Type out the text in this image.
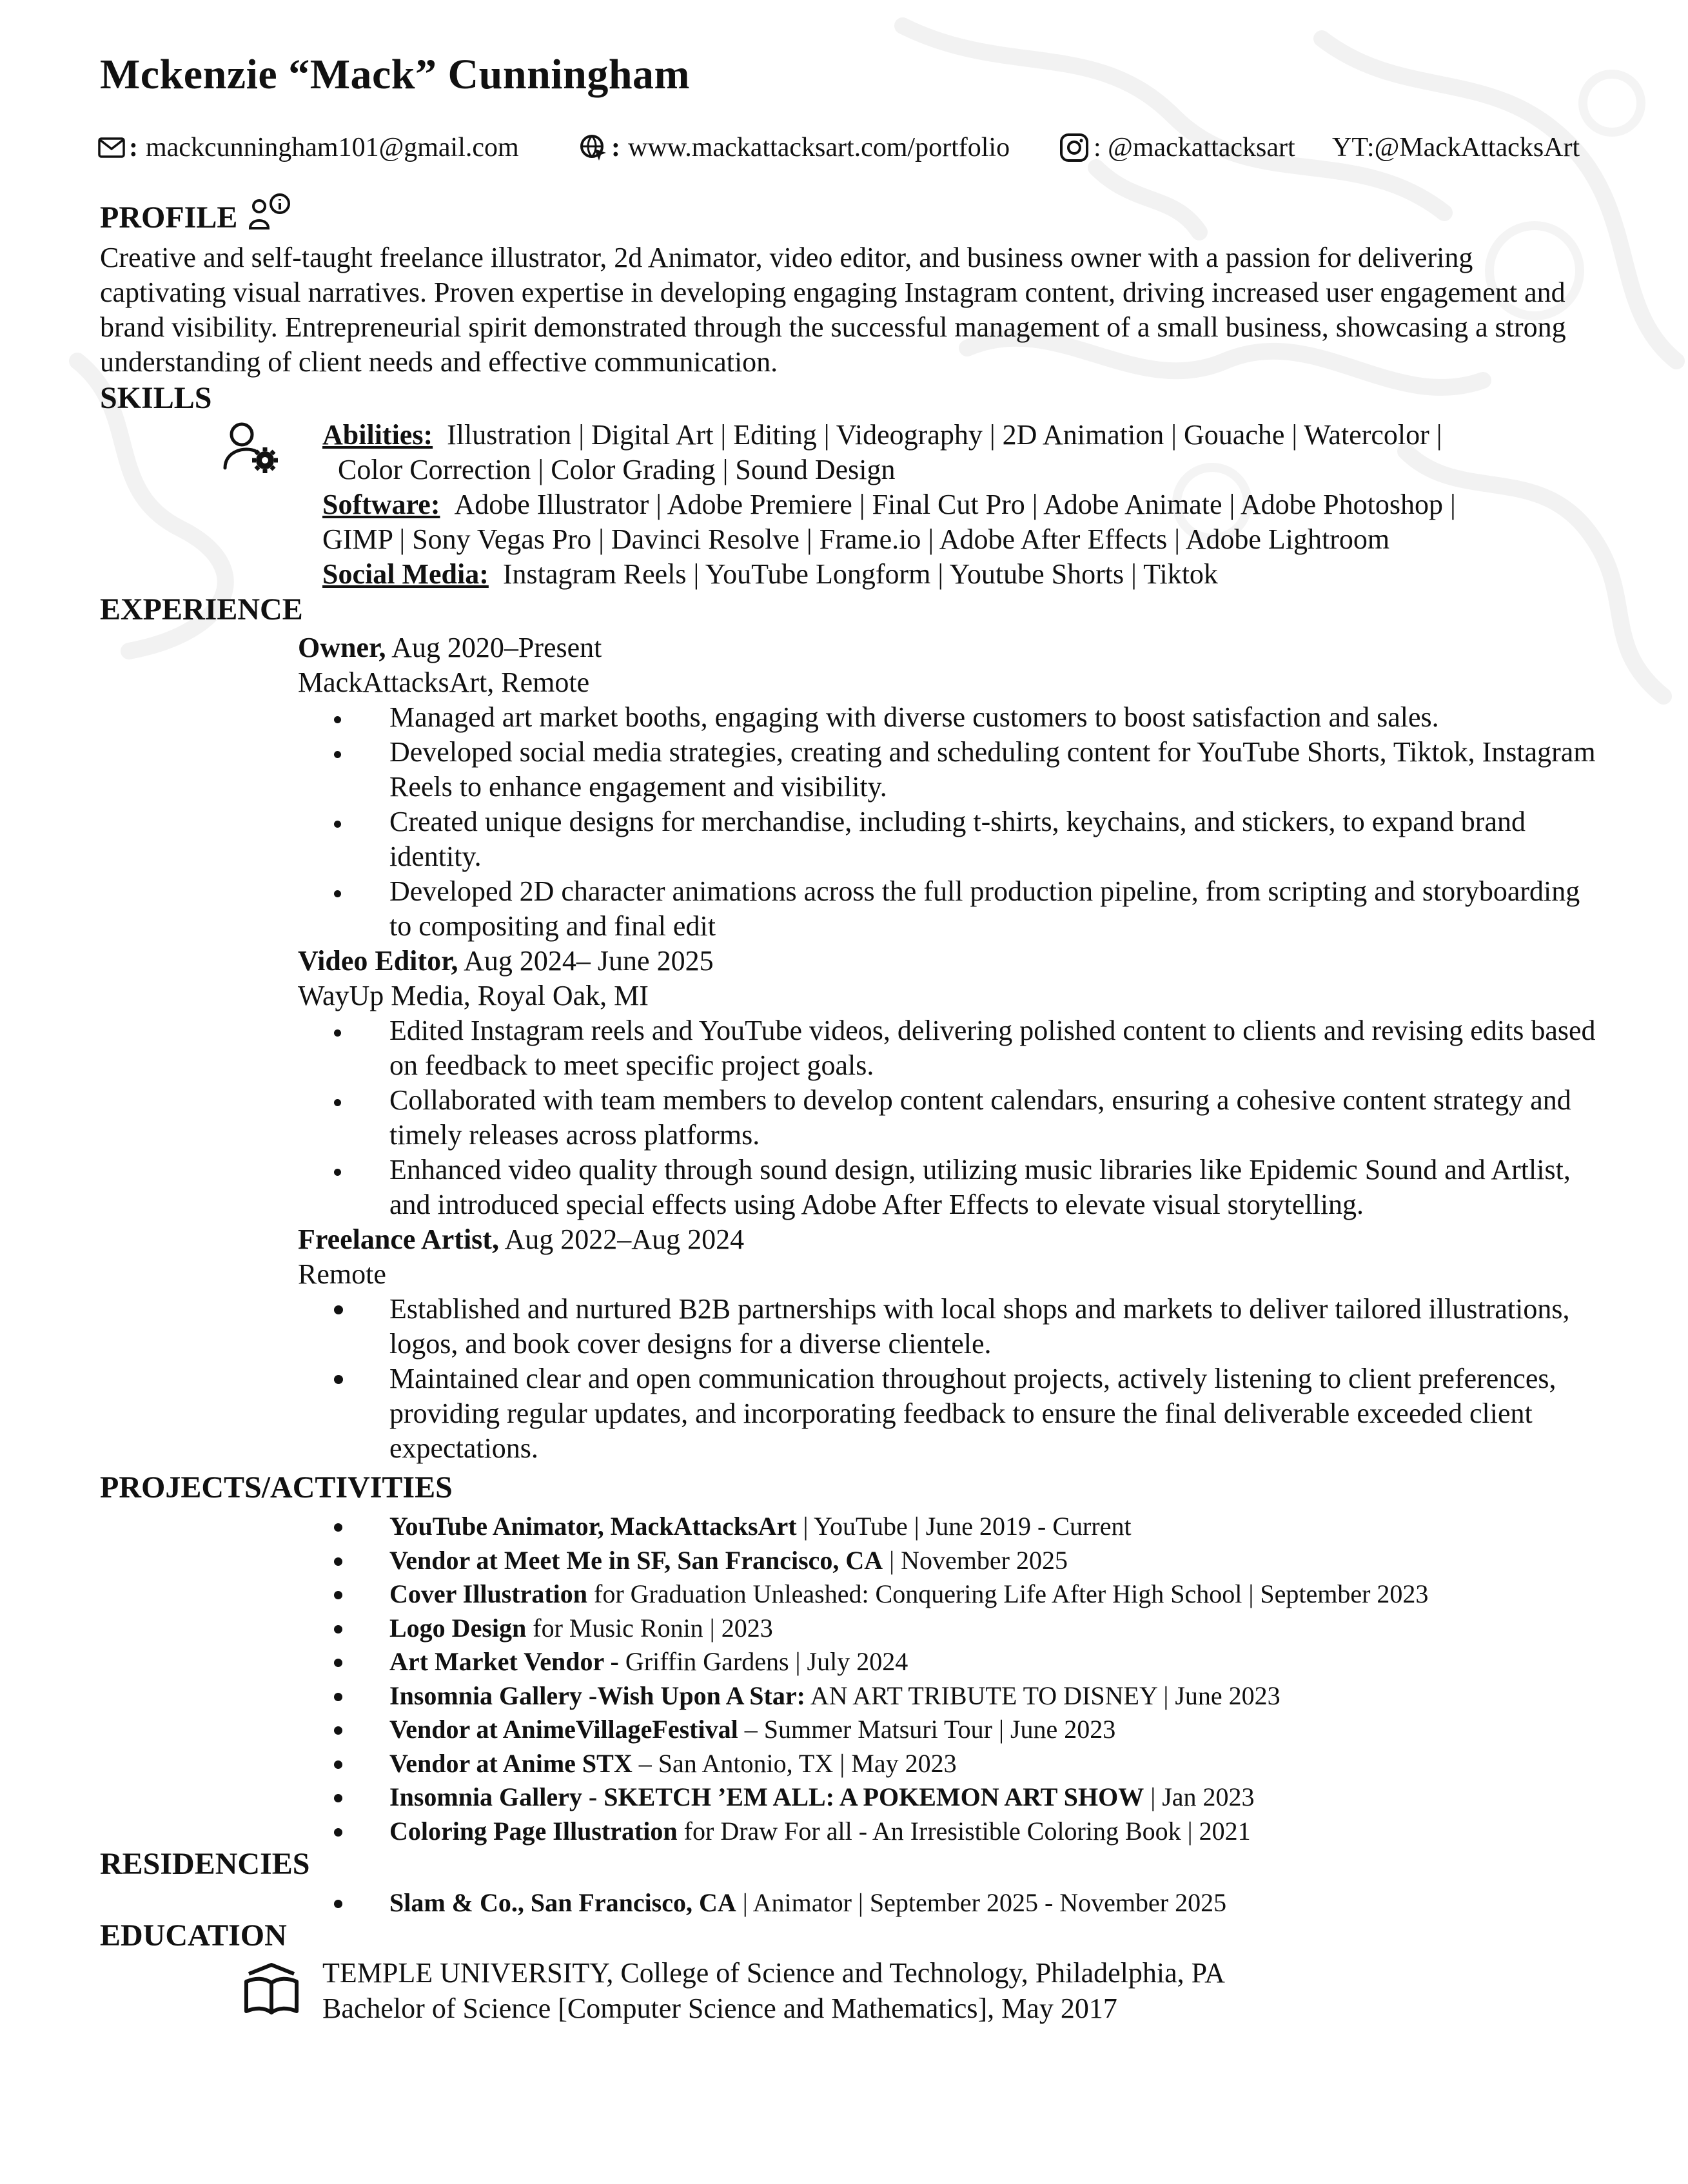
Mckenzie “Mack” Cunningham
: mackcunningham101@gmail.com	: www.mackattacksart.com/portfolio	: @mackattacksart YT:@MackAttacksArt
PROFILE
Creative and self-taught freelance illustrator, 2d Animator, video editor, and business owner with a passion for delivering captivating visual narratives. Proven expertise in developing engaging Instagram content, driving increased user engagement and brand visibility. Entrepreneurial spirit demonstrated through the successful management of a small business, showcasing a strong understanding of client needs and effective communication.
SKILLS

Abilities: Illustration | Digital Art | Editing | Videography | 2D Animation | Gouache | Watercolor |

Color Correction | Color Grading | Sound Design

Software: Adobe Illustrator | Adobe Premiere | Final Cut Pro | Adobe Animate | Adobe Photoshop |

GIMP | Sony Vegas Pro | Davinci Resolve | Frame.io | Adobe After Effects | Adobe Lightroom

Social Media: Instagram Reels | YouTube Longform | Youtube Shorts | Tiktok

EXPERIENCE

Owner, Aug 2020–Present

MackAttacksArt, Remote

Managed art market booths, engaging with diverse customers to boost satisfaction and sales.
Developed social media strategies, creating and scheduling content for YouTube Shorts, Tiktok, Instagram Reels to enhance engagement and visibility.
Created unique designs for merchandise, including t-shirts, keychains, and stickers, to expand brand identity.
Developed 2D character animations across the full production pipeline, from scripting and storyboarding to compositing and final edit

Video Editor, Aug 2024– June 2025

WayUp Media, Royal Oak, MI

Edited Instagram reels and YouTube videos, delivering polished content to clients and revising edits based on feedback to meet specific project goals.
Collaborated with team members to develop content calendars, ensuring a cohesive content strategy and timely releases across platforms.
Enhanced video quality through sound design, utilizing music libraries like Epidemic Sound and Artlist, and introduced special effects using Adobe After Effects to elevate visual storytelling.

Freelance Artist, Aug 2022–Aug 2024

Remote

Established and nurtured B2B partnerships with local shops and markets to deliver tailored illustrations, logos, and book cover designs for a diverse clientele.
Maintained clear and open communication throughout projects, actively listening to client preferences, providing regular updates, and incorporating feedback to ensure the final deliverable exceeded client expectations.
PROJECTS/ACTIVITIES
YouTube Animator, MackAttacksArt | YouTube | June 2019 - Current
Vendor at Meet Me in SF, San Francisco, CA | November 2025
Cover Illustration for Graduation Unleashed: Conquering Life After High School | September 2023
Logo Design for Music Ronin | 2023
Art Market Vendor - Griffin Gardens | July 2024
Insomnia Gallery -Wish Upon A Star: AN ART TRIBUTE TO DISNEY | June 2023
Vendor at AnimeVillageFestival – Summer Matsuri Tour | June 2023
Vendor at Anime STX – San Antonio, TX | May 2023
Insomnia Gallery - SKETCH ’EM ALL: A POKEMON ART SHOW | Jan 2023
Coloring Page Illustration for Draw For all - An Irresistible Coloring Book | 2021
RESIDENCIES
Slam & Co., San Francisco, CA | Animator | September 2025 - November 2025
EDUCATION

TEMPLE UNIVERSITY, College of Science and Technology, Philadelphia, PA

Bachelor of Science [Computer Science and Mathematics], May 2017
